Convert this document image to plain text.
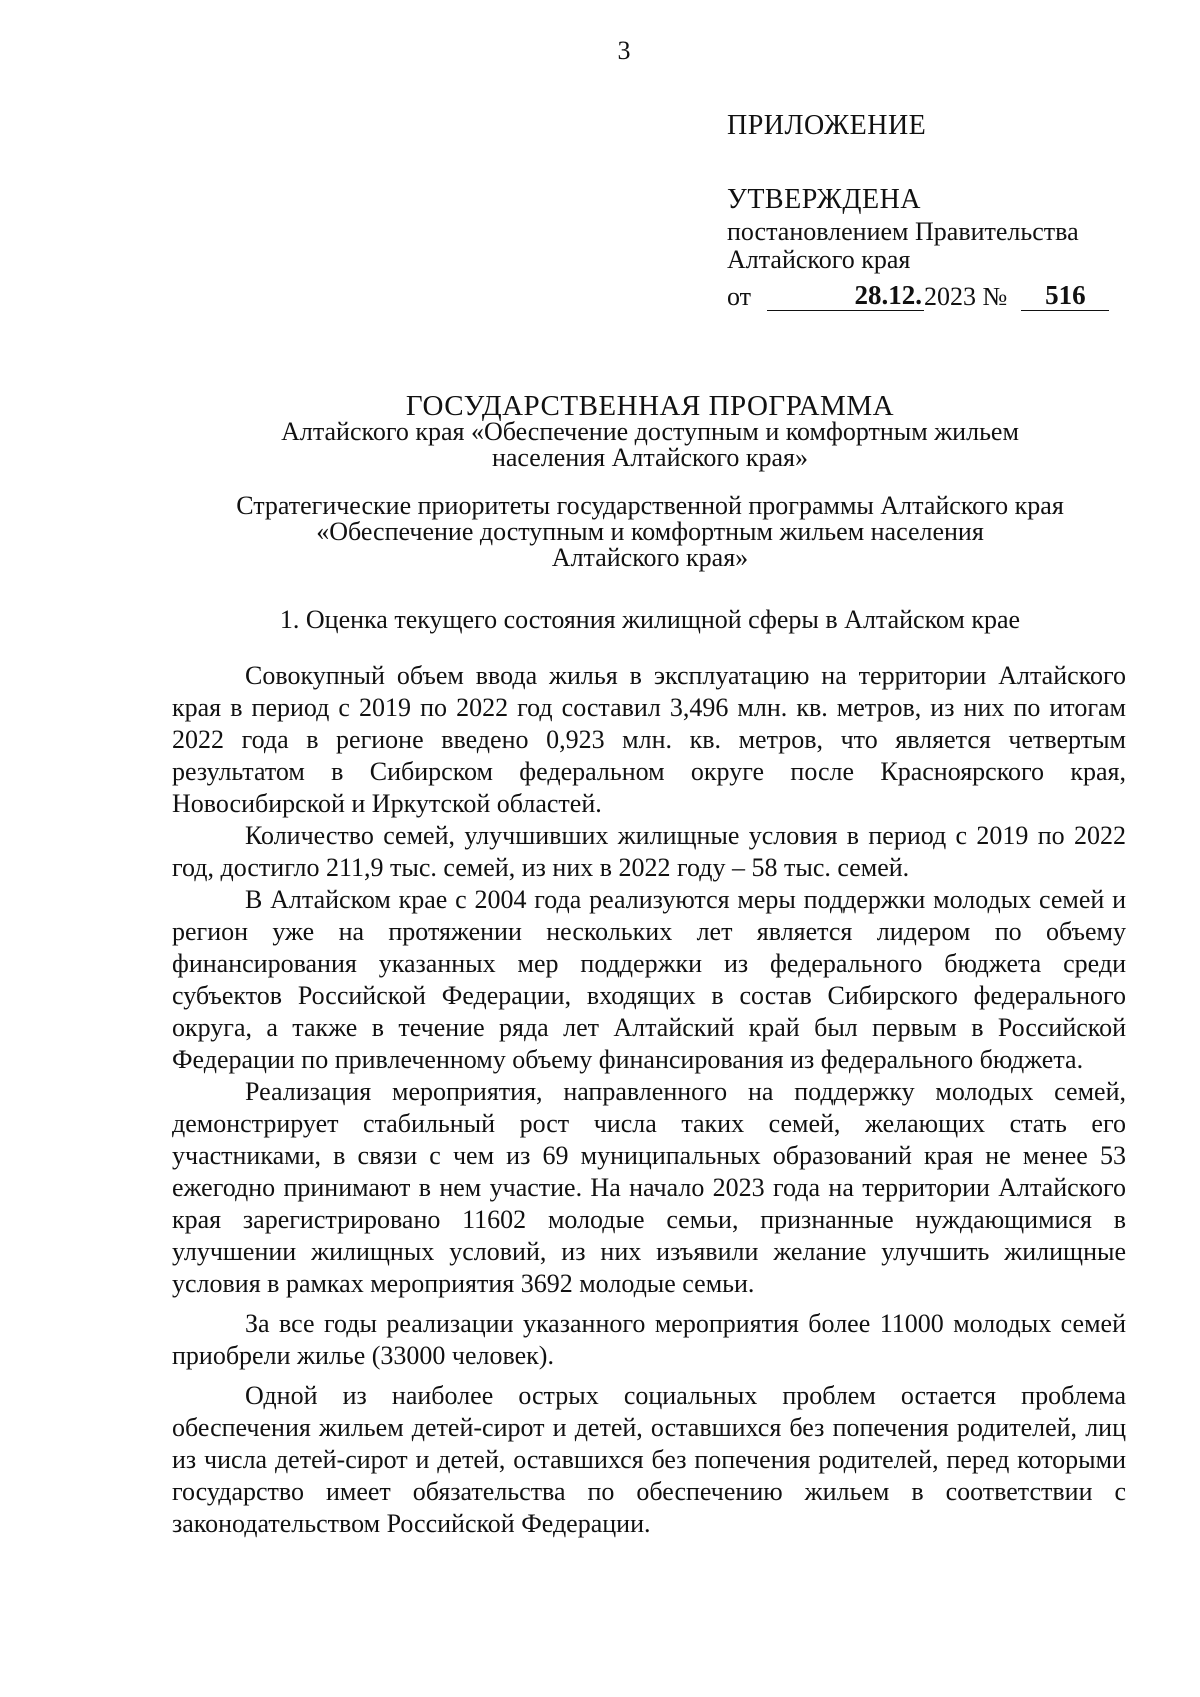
3
ПРИЛОЖЕНИЕ
УТВЕРЖДЕНА
постановлением Правительства
Алтайского края
от	28.12. 2023 №	516
ГОСУДАРСТВЕННАЯ ПРОГРАММА
Алтайского края «Обеспечение доступным и комфортным жильем
населения Алтайского края»
Стратегические приоритеты государственной программы Алтайского края
«Обеспечение доступным и комфортным жильем населения
Алтайского края»
1. Оценка текущего состояния жилищной сферы в Алтайском крае

Совокупный объем ввода жилья в эксплуатацию на территории Алтайского края в период с 2019 по 2022 год составил 3,496 млн. кв. метров, из них по итогам 2022 года в регионе введено 0,923 млн. кв. метров, что является четвертым результатом в Сибирском федеральном округе после Красноярского края, Новосибирской и Иркутской областей.

Количество семей, улучшивших жилищные условия в период с 2019 по 2022 год, достигло 211,9 тыс. семей, из них в 2022 году – 58 тыс. семей.

В Алтайском крае с 2004 года реализуются меры поддержки молодых семей и регион уже на протяжении нескольких лет является лидером по объему финансирования указанных мер поддержки из федерального бюджета среди субъектов Российской Федерации, входящих в состав Сибирского федерального округа, а также в течение ряда лет Алтайский край был первым в Российской Федерации по привлеченному объему финансирования из федерального бюджета.

Реализация мероприятия, направленного на поддержку молодых семей, демонстрирует стабильный рост числа таких семей, желающих стать его участниками, в связи с чем из 69 муниципальных образований края не менее 53 ежегодно принимают в нем участие. На начало 2023 года на территории Алтайского края зарегистрировано 11602 молодые семьи, признанные нуждающимися в улучшении жилищных условий, из них изъявили желание улучшить жилищные условия в рамках мероприятия 3692 молодые семьи.

За все годы реализации указанного мероприятия более 11000 молодых семей приобрели жилье (33000 человек).

Одной из наиболее острых социальных проблем остается проблема обеспечения жильем детей-сирот и детей, оставшихся без попечения родителей, лиц из числа детей-сирот и детей, оставшихся без попечения родителей, перед которыми государство имеет обязательства по обеспечению жильем в соответствии с законодательством Российской Федерации.
